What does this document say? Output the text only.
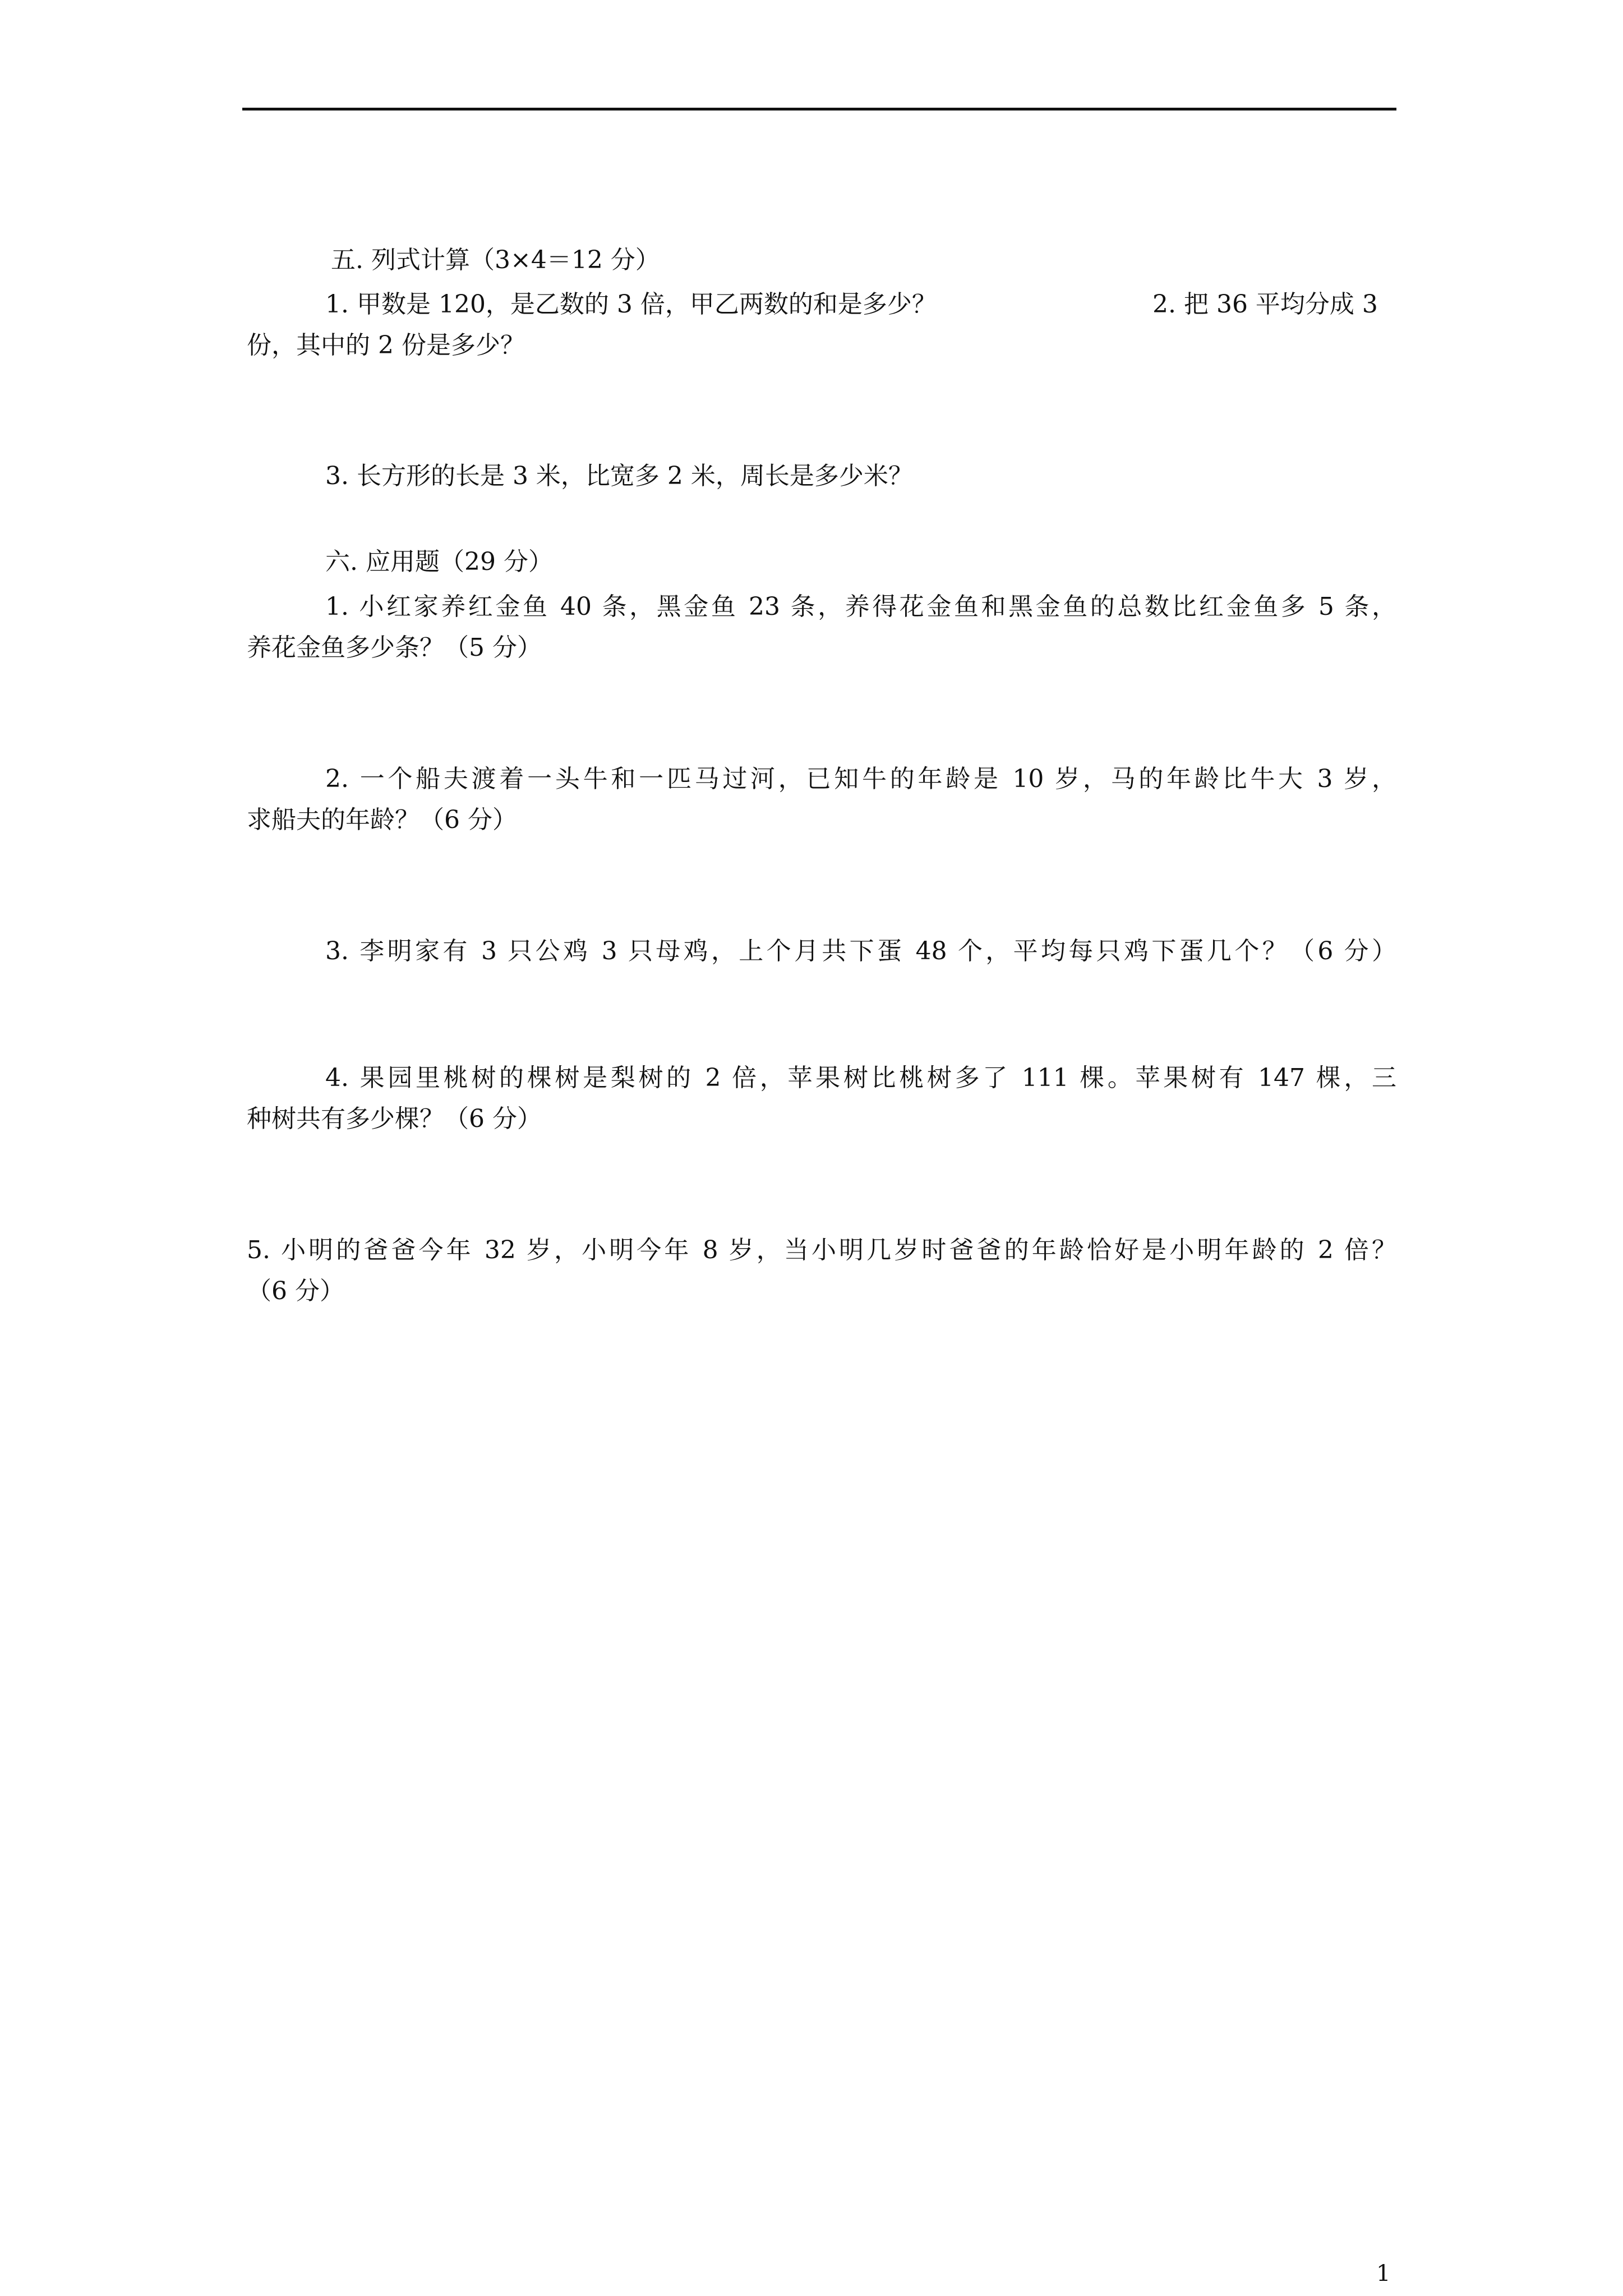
五. 列式计算（3×4＝12 分）
1. 甲数是 120，是乙数的 3 倍，甲乙两数的和是多少？	2. 把 36 平均分成 3
份，其中的 2 份是多少？
3. 长方形的长是 3 米，比宽多 2 米，周长是多少米？
六. 应用题（29 分）
1. 小红家养红金鱼 40 条，黑金鱼 23 条，养得花金鱼和黑金鱼的总数比红金鱼多 5 条，
养花金鱼多少条？（5 分）
2. 一个船夫渡着一头牛和一匹马过河，已知牛的年龄是 10 岁，马的年龄比牛大 3 岁，
求船夫的年龄？（6 分）
3. 李明家有 3 只公鸡 3 只母鸡，上个月共下蛋 48 个，平均每只鸡下蛋几个？（6 分）
4. 果园里桃树的棵树是梨树的 2 倍，苹果树比桃树多了 111 棵。苹果树有 147 棵，三
种树共有多少棵？（6 分）
5. 小明的爸爸今年 32 岁，小明今年 8 岁，当小明几岁时爸爸的年龄恰好是小明年龄的 2 倍？
（6 分）
1
